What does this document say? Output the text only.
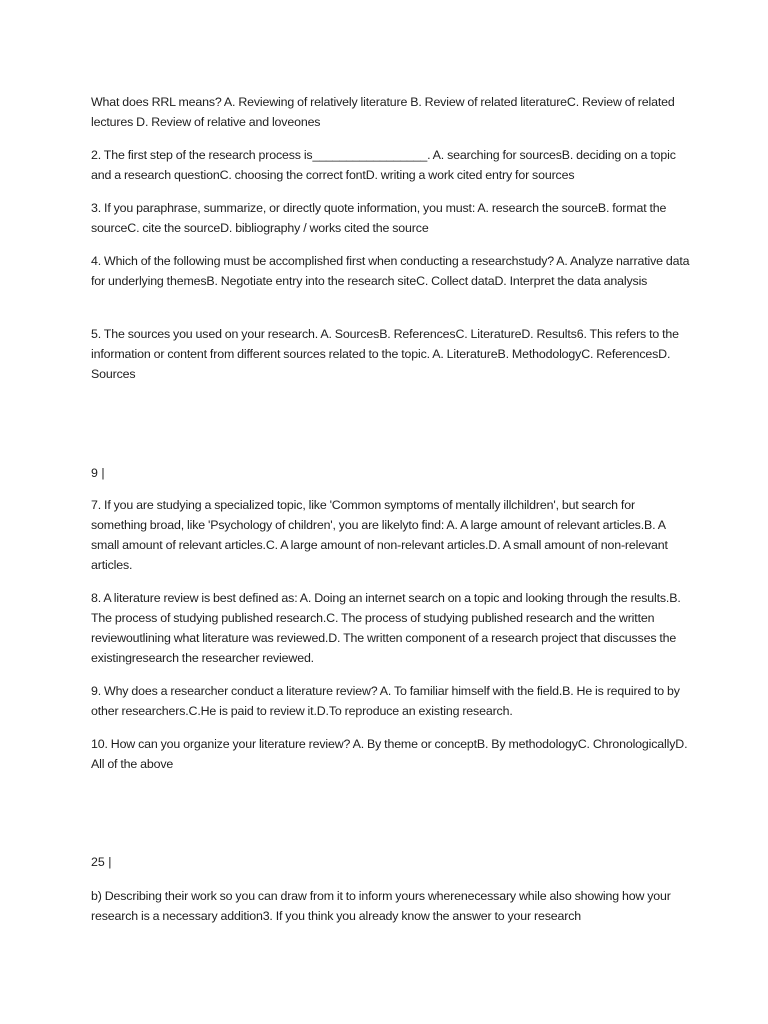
What does RRL means? A. Reviewing of relatively literature B. Review of related literatureC. Review of related lectures D. Review of relative and loveones

2. The first step of the research process is_________________. A. searching for sourcesB. deciding on a topic and a research questionC. choosing the correct fontD. writing a work cited entry for sources

3. If you paraphrase, summarize, or directly quote information, you must: A. research the sourceB. format the sourceC. cite the sourceD. bibliography / works cited the source

4. Which of the following must be accomplished first when conducting a researchstudy? A. Analyze narrative data for underlying themesB. Negotiate entry into the research siteC. Collect dataD. Interpret the data analysis

5. The sources you used on your research. A. SourcesB. ReferencesC. LiteratureD. Results6. This refers to the information or content from different sources related to the topic. A. LiteratureB. MethodologyC. ReferencesD. Sources

9 |

7. If you are studying a specialized topic, like 'Common symptoms of mentally illchildren', but search for something broad, like 'Psychology of children', you are likelyto find: A. A large amount of relevant articles.B. A small amount of relevant articles.C. A large amount of non-relevant articles.D. A small amount of non-relevant articles.

8. A literature review is best defined as: A. Doing an internet search on a topic and looking through the results.B. The process of studying published research.C. The process of studying published research and the written reviewoutlining what literature was reviewed.D. The written component of a research project that discusses the existingresearch the researcher reviewed.

9. Why does a researcher conduct a literature review? A. To familiar himself with the field.B. He is required to by other researchers.C.He is paid to review it.D.To reproduce an existing research.

10. How can you organize your literature review? A. By theme or conceptB. By methodologyC. ChronologicallyD. All of the above

25 |

b) Describing their work so you can draw from it to inform yours wherenecessary while also showing how your research is a necessary addition3. If you think you already know the answer to your research
